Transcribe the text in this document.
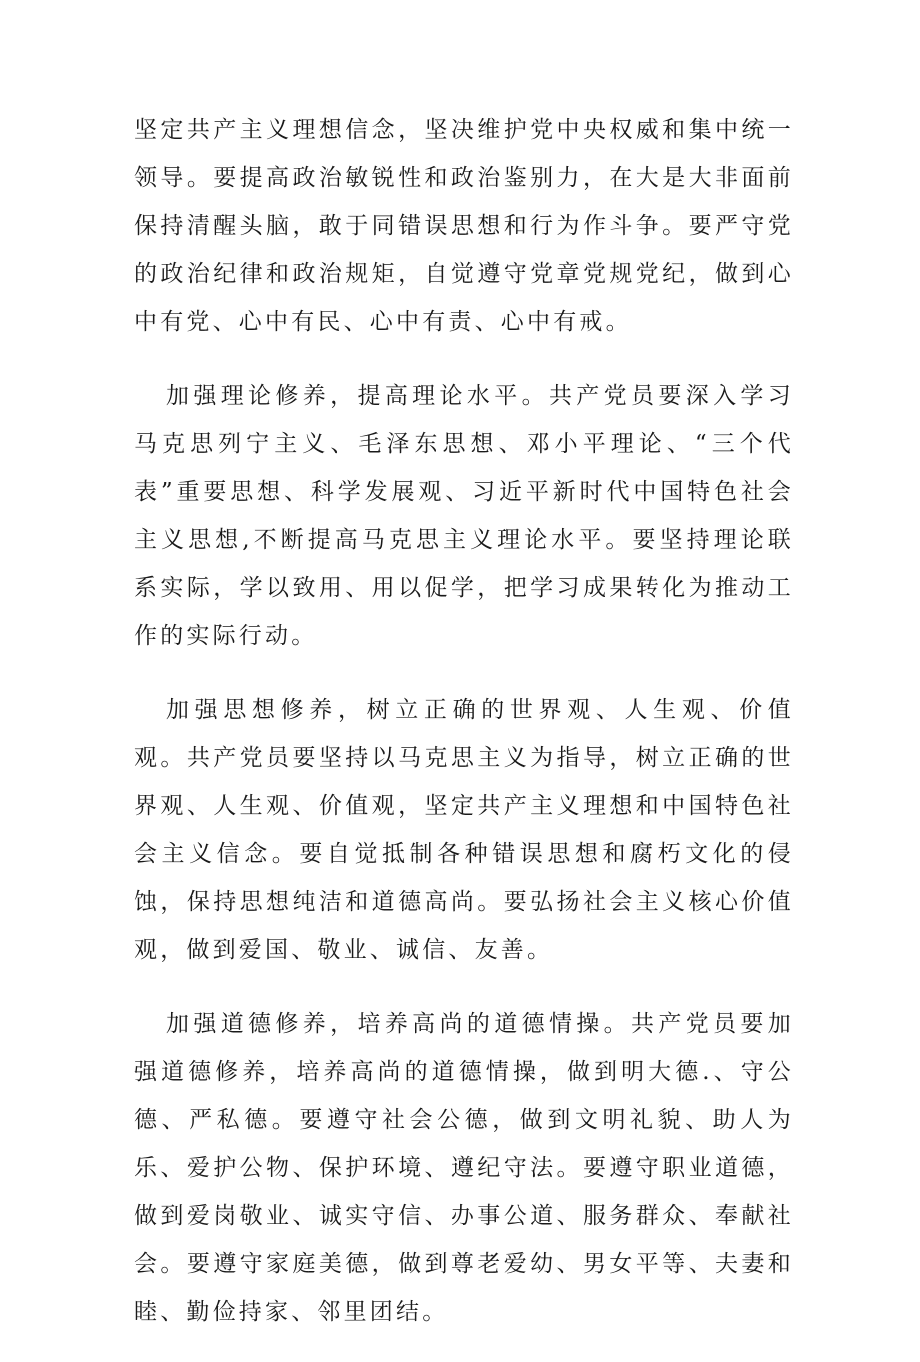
坚定共产主义理想信念，坚决维护党中央权威和集中统一领导。要提高政治敏锐性和政治鉴别力，在大是大非面前保持清醒头脑，敢于同错误思想和行为作斗争。要严守党的政治纪律和政治规矩，自觉遵守党章党规党纪，做到心中有党、心中有民、心中有责、心中有戒。

加强理论修养，提高理论水平。共产党员要深入学习马克思列宁主义、毛泽东思想、邓小平理论、“三个代表”重要思想、科学发展观、习近平新时代中国特色社会主义思想,不断提高马克思主义理论水平。要坚持理论联系实际，学以致用、用以促学，把学习成果转化为推动工作的实际行动。

加强思想修养，树立正确的世界观、人生观、价值观。共产党员要坚持以马克思主义为指导，树立正确的世界观、人生观、价值观，坚定共产主义理想和中国特色社会主义信念。要自觉抵制各种错误思想和腐朽文化的侵蚀，保持思想纯洁和道德高尚。要弘扬社会主义核心价值观，做到爱国、敬业、诚信、友善。

加强道德修养，培养高尚的道德情操。共产党员要加强道德修养，培养高尚的道德情操，做到明大德.、守公德、严私德。要遵守社会公德，做到文明礼貌、助人为乐、爱护公物、保护环境、遵纪守法。要遵守职业道德，做到爱岗敬业、诚实守信、办事公道、服务群众、奉献社会。要遵守家庭美德，做到尊老爱幼、男女平等、夫妻和睦、勤俭持家、邻里团结。
